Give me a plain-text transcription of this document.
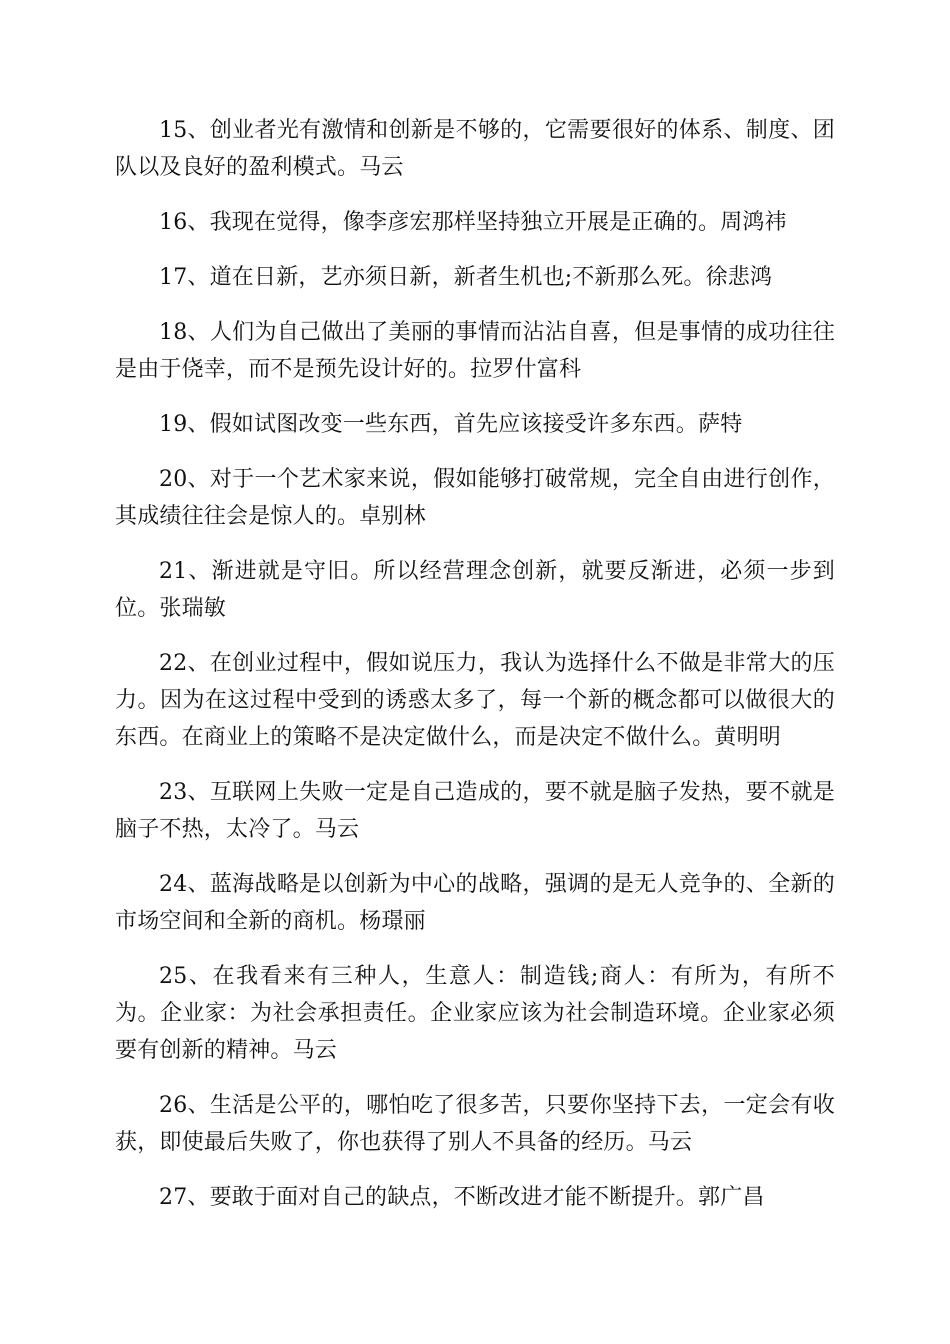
15、创业者光有激情和创新是不够的，它需要很好的体系、制度、团队以及良好的盈利模式。马云

16、我现在觉得，像李彦宏那样坚持独立开展是正确的。周鸿祎

17、道在日新，艺亦须日新，新者生机也;不新那么死。徐悲鸿

18、人们为自己做出了美丽的事情而沾沾自喜，但是事情的成功往往是由于侥幸，而不是预先设计好的。拉罗什富科

19、假如试图改变一些东西，首先应该接受许多东西。萨特

20、对于一个艺术家来说，假如能够打破常规，完全自由进行创作，其成绩往往会是惊人的。卓别林

21、渐进就是守旧。所以经营理念创新，就要反渐进，必须一步到位。张瑞敏

22、在创业过程中，假如说压力，我认为选择什么不做是非常大的压力。因为在这过程中受到的诱惑太多了，每一个新的概念都可以做很大的东西。在商业上的策略不是决定做什么，而是决定不做什么。黄明明

23、互联网上失败一定是自己造成的，要不就是脑子发热，要不就是脑子不热，太冷了。马云

24、蓝海战略是以创新为中心的战略，强调的是无人竞争的、全新的市场空间和全新的商机。杨璟丽

25、在我看来有三种人，生意人：制造钱;商人：有所为，有所不为。企业家：为社会承担责任。企业家应该为社会制造环境。企业家必须要有创新的精神。马云

26、生活是公平的，哪怕吃了很多苦，只要你坚持下去，一定会有收获，即使最后失败了，你也获得了别人不具备的经历。马云

27、要敢于面对自己的缺点，不断改进才能不断提升。郭广昌
